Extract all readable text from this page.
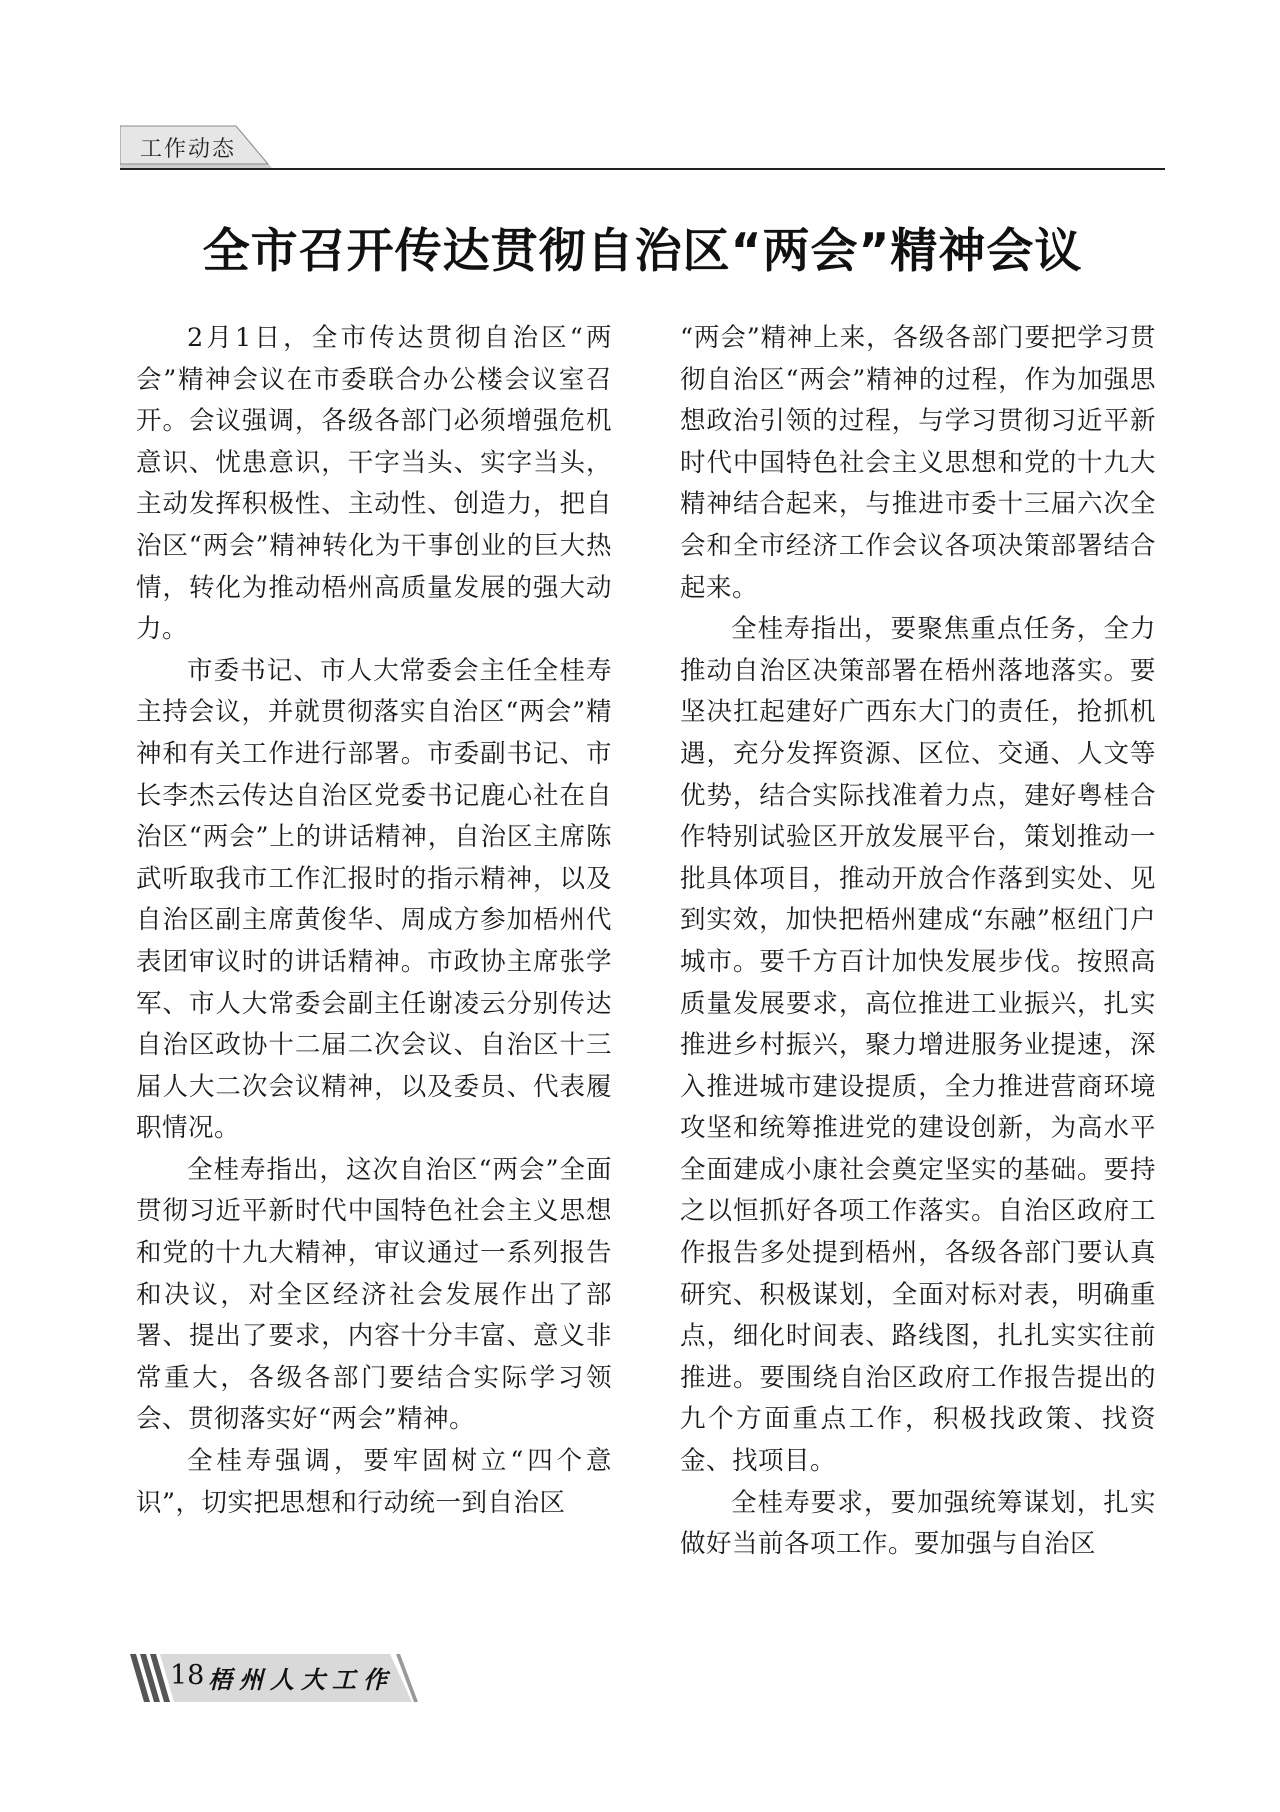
工作动态
全市召开传达贯彻自治区“两会”精神会议

2月1日，全市传达贯彻自治区“两会”精神会议在市委联合办公楼会议室召开。会议强调，各级各部门必须增强危机意识、忧患意识，干字当头、实字当头，主动发挥积极性、主动性、创造力，把自治区“两会”精神转化为干事创业的巨大热情，转化为推动梧州高质量发展的强大动力。

市委书记、市人大常委会主任全桂寿主持会议，并就贯彻落实自治区“两会”精神和有关工作进行部署。市委副书记、市长李杰云传达自治区党委书记鹿心社在自治区“两会”上的讲话精神，自治区主席陈武听取我市工作汇报时的指示精神，以及自治区副主席黄俊华、周成方参加梧州代表团审议时的讲话精神。市政协主席张学军、市人大常委会副主任谢凌云分别传达自治区政协十二届二次会议、自治区十三届人大二次会议精神，以及委员、代表履职情况。

全桂寿指出，这次自治区“两会”全面贯彻习近平新时代中国特色社会主义思想和党的十九大精神，审议通过一系列报告和决议，对全区经济社会发展作出了部署、提出了要求，内容十分丰富、意义非常重大，各级各部门要结合实际学习领会、贯彻落实好“两会”精神。

全桂寿强调，要牢固树立“四个意识”，切实把思想和行动统一到自治区

“两会”精神上来，各级各部门要把学习贯彻自治区“两会”精神的过程，作为加强思想政治引领的过程，与学习贯彻习近平新时代中国特色社会主义思想和党的十九大精神结合起来，与推进市委十三届六次全会和全市经济工作会议各项决策部署结合起来。

全桂寿指出，要聚焦重点任务，全力推动自治区决策部署在梧州落地落实。要坚决扛起建好广西东大门的责任，抢抓机遇，充分发挥资源、区位、交通、人文等优势，结合实际找准着力点，建好粤桂合作特别试验区开放发展平台，策划推动一批具体项目，推动开放合作落到实处、见到实效，加快把梧州建成“东融”枢纽门户城市。要千方百计加快发展步伐。按照高质量发展要求，高位推进工业振兴，扎实推进乡村振兴，聚力增进服务业提速，深入推进城市建设提质，全力推进营商环境攻坚和统筹推进党的建设创新，为高水平全面建成小康社会奠定坚实的基础。要持之以恒抓好各项工作落实。自治区政府工作报告多处提到梧州，各级各部门要认真研究、积极谋划，全面对标对表，明确重点，细化时间表、路线图，扎扎实实往前推进。要围绕自治区政府工作报告提出的九个方面重点工作，积极找政策、找资金、找项目。

全桂寿要求，要加强统筹谋划，扎实做好当前各项工作。要加强与自治区

18 梧州人大工作
